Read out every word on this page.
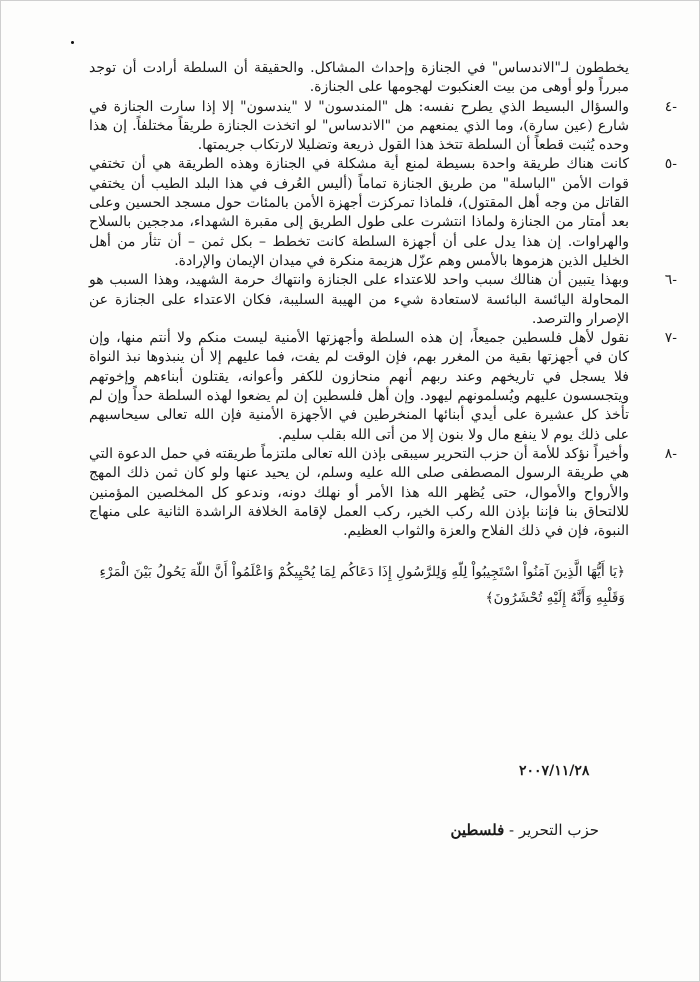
يخططون لـ"الاندساس" في الجنازة وإحداث المشاكل. والحقيقة أن السلطة أرادت أن توجد مبرراً ولو أوهى من بيت العنكبوت لهجومها على الجنازة.

-٤

والسؤال البسيط الذي يطرح نفسه: هل "المندسون" لا "يندسون" إلا إذا سارت الجنازة في شارع (عين سارة)، وما الذي يمنعهم من "الاندساس" لو اتخذت الجنازة طريقاً مختلفاً. إن هذا وحده يُثبت قطعاً أن السلطة تتخذ هذا القول ذريعة وتضليلا لارتكاب جريمتها.

-٥

كانت هناك طريقة واحدة بسيطة لمنع أية مشكلة في الجنازة وهذه الطريقة هي أن تختفي قوات الأمن "الباسلة" من طريق الجنازة تماماً (أليس العُرف في هذا البلد الطيب أن يختفي القاتل من وجه أهل المقتول)، فلماذا تمركزت أجهزة الأمن بالمئات حول مسجد الحسين وعلى بعد أمتار من الجنازة ولماذا انتشرت على طول الطريق إلى مقبرة الشهداء، مدججين بالسلاح والهراوات. إن هذا يدل على أن أجهزة السلطة كانت تخطط – بكل ثمن – أن تثأر من أهل الخليل الذين هزموها بالأمس وهم عزّل هزيمة منكرة في ميدان الإيمان والإرادة.

-٦

وبهذا يتبين أن هنالك سبب واحد للاعتداء على الجنازة وانتهاك حرمة الشهيد، وهذا السبب هو المحاولة اليائسة البائسة لاستعادة شيء من الهيبة السليبة، فكان الاعتداء على الجنازة عن الإصرار والترصد.

-٧

نقول لأهل فلسطين جميعاً، إن هذه السلطة وأجهزتها الأمنية ليست منكم ولا أنتم منها، وإن كان في أجهزتها بقية من المغرر بهم، فإن الوقت لم يفت، فما عليهم إلا أن ينبذوها نبذ النواة فلا يسجل في تاريخهم وعند ربهم أنهم منحازون للكفر وأعوانه، يقتلون أبناءهم وإخوتهم ويتجسسون عليهم ويُسلمونهم ليهود. وإن أهل فلسطين إن لم يضعوا لهذه السلطة حداً وإن لم تأخذ كل عشيرة على أيدي أبنائها المنخرطين في الأجهزة الأمنية فإن الله تعالى سيحاسبهم على ذلك يوم لا ينفع مال ولا بنون إلا من أتى الله بقلب سليم.

-٨

وأخيراً نؤكد للأمة أن حزب التحرير سيبقى بإذن الله تعالى ملتزماً طريقته في حمل الدعوة التي هي طريقة الرسول المصطفى صلى الله عليه وسلم، لن يحيد عنها ولو كان ثمن ذلك المهج والأرواح والأموال، حتى يُظهر الله هذا الأمر أو نهلك دونه، وندعو كل المخلصين المؤمنين للالتحاق بنا فإننا بإذن الله ركب الخير، ركب العمل لإقامة الخلافة الراشدة الثانية على منهاج النبوة، فإن في ذلك الفلاح والعزة والثواب العظيم.

﴿يَا أَيُّهَا الَّذِينَ آمَنُواْ اسْتَجِيبُواْ لِلّهِ وَلِلرَّسُولِ إِذَا دَعَاكُم لِمَا يُحْيِيكُمْ وَاعْلَمُواْ أَنَّ اللّهَ يَحُولُ بَيْنَ الْمَرْءِ وَقَلْبِهِ وَأَنَّهُ إِلَيْهِ تُحْشَرُونَ﴾

٢٠٠٧/١١/٢٨
حزب التحرير - فلسطين
